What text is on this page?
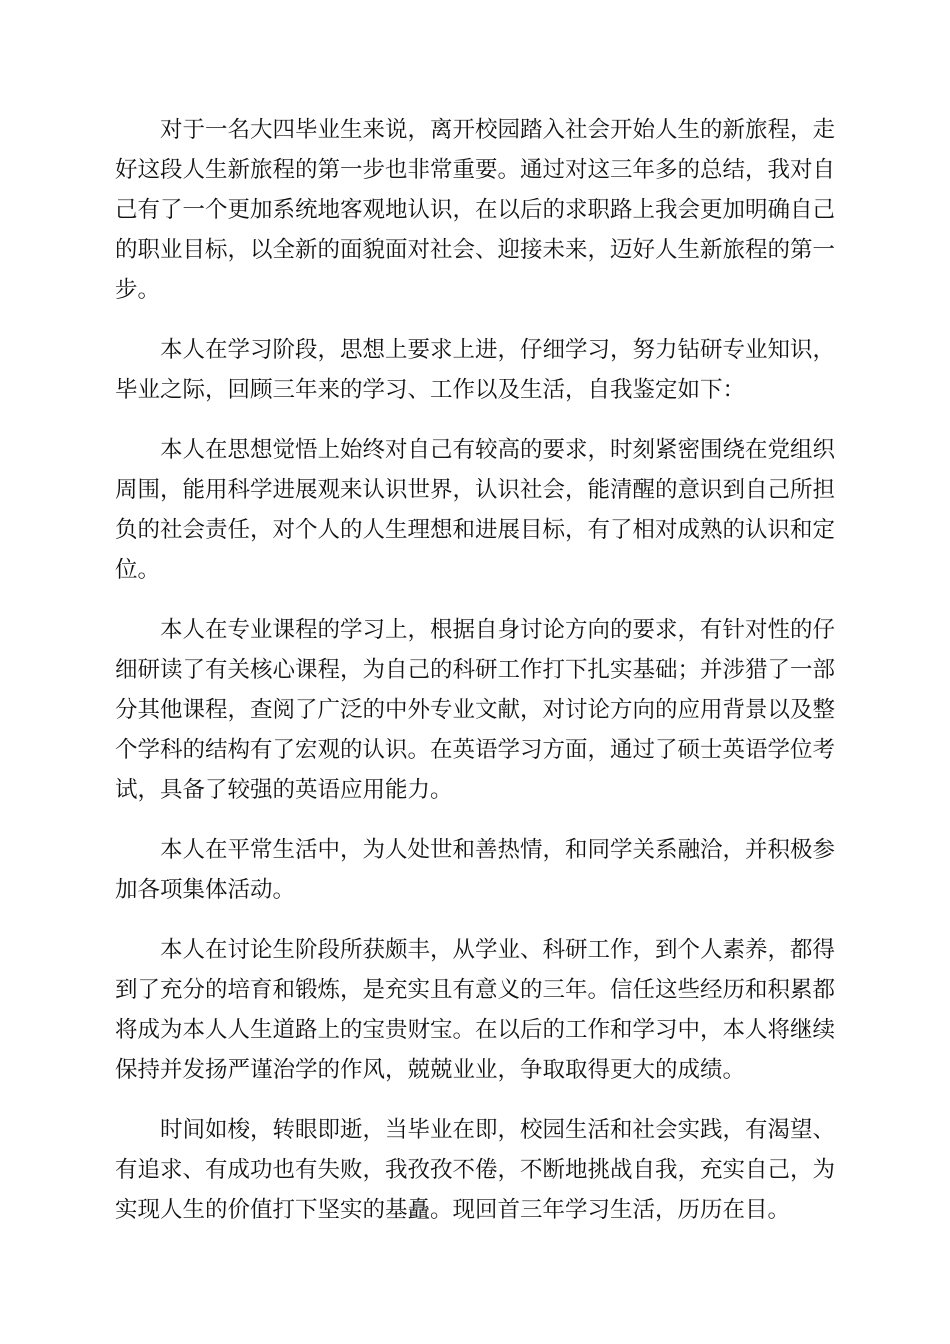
对于一名大四毕业生来说，离开校园踏入社会开始人生的新旅程，走好这段人生新旅程的第一步也非常重要。通过对这三年多的总结，我对自己有了一个更加系统地客观地认识，在以后的求职路上我会更加明确自己的职业目标，以全新的面貌面对社会、迎接未来，迈好人生新旅程的第一步。

本人在学习阶段，思想上要求上进，仔细学习，努力钻研专业知识，毕业之际，回顾三年来的学习、工作以及生活，自我鉴定如下：

本人在思想觉悟上始终对自己有较高的要求，时刻紧密围绕在党组织周围，能用科学进展观来认识世界，认识社会，能清醒的意识到自己所担负的社会责任，对个人的人生理想和进展目标，有了相对成熟的认识和定位。

本人在专业课程的学习上，根据自身讨论方向的要求，有针对性的仔细研读了有关核心课程，为自己的科研工作打下扎实基础；并涉猎了一部分其他课程，查阅了广泛的中外专业文献，对讨论方向的应用背景以及整个学科的结构有了宏观的认识。在英语学习方面，通过了硕士英语学位考试，具备了较强的英语应用能力。

本人在平常生活中，为人处世和善热情，和同学关系融洽，并积极参加各项集体活动。

本人在讨论生阶段所获颇丰，从学业、科研工作，到个人素养，都得到了充分的培育和锻炼，是充实且有意义的三年。信任这些经历和积累都将成为本人人生道路上的宝贵财宝。在以后的工作和学习中，本人将继续保持并发扬严谨治学的作风，兢兢业业，争取取得更大的成绩。

时间如梭，转眼即逝，当毕业在即，校园生活和社会实践，有渴望、有追求、有成功也有失败，我孜孜不倦，不断地挑战自我，充实自己，为实现人生的价值打下坚实的基矗。现回首三年学习生活，历历在目。
